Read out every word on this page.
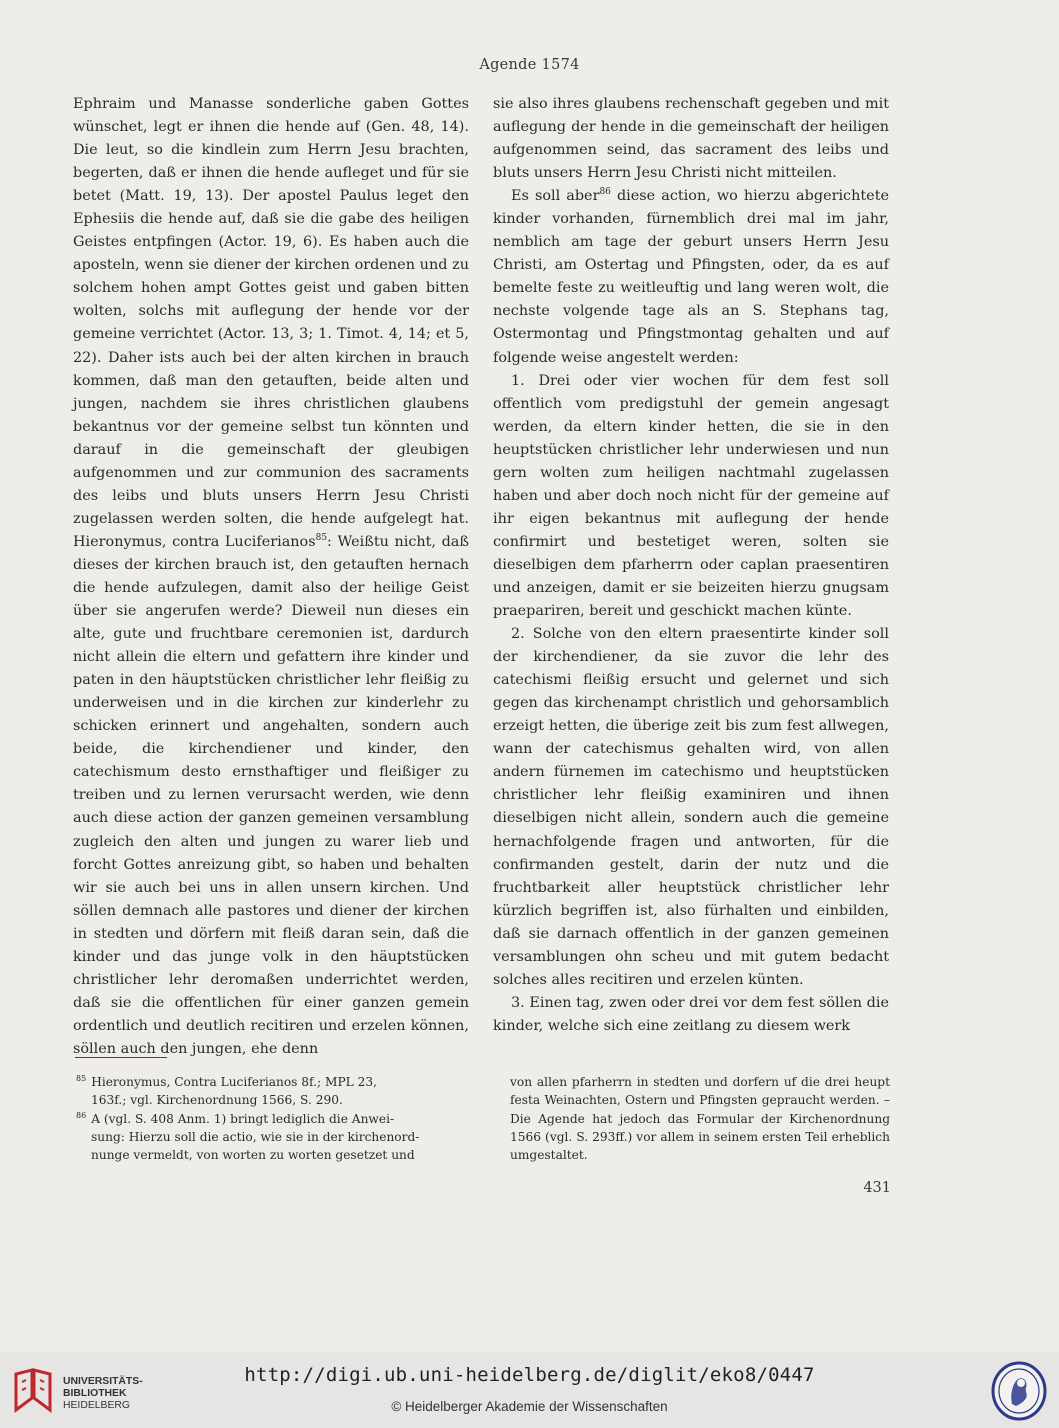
Agende 1574

Ephraim und Manasse sonderliche gaben Gottes wünschet, legt er ihnen die hende auf (Gen. 48, 14). Die leut, so die kindlein zum Herrn Jesu brachten, begerten, daß er ihnen die hende aufleget und für sie betet (Matt. 19, 13). Der apostel Paulus leget den Ephesiis die hende auf, daß sie die gabe des heiligen Geistes entpfingen (Actor. 19, 6). Es haben auch die aposteln, wenn sie diener der kirchen ordenen und zu solchem hohen ampt Gottes geist und gaben bitten wolten, solchs mit auflegung der hende vor der gemeine verrichtet (Actor. 13, 3; 1. Timot. 4, 14; et 5, 22). Daher ists auch bei der alten kirchen in brauch kommen, daß man den getauften, beide alten und jungen, nachdem sie ihres christlichen glaubens bekantnus vor der gemeine selbst tun könnten und darauf in die gemeinschaft der gleubigen aufgenommen und zur communion des sacraments des leibs und bluts unsers Herrn Jesu Christi zugelassen werden solten, die hende aufgelegt hat. Hieronymus, contra Luciferianos$^{85}$: Weißtu nicht, daß dieses der kirchen brauch ist, den getauften hernach die hende aufzulegen, damit also der heilige Geist über sie angerufen werde? Dieweil nun dieses ein alte, gute und fruchtbare ceremonien ist, dardurch nicht allein die eltern und gefattern ihre kinder und paten in den häuptstücken christlicher lehr fleißig zu underweisen und in die kirchen zur kinderlehr zu schicken erinnert und angehalten, sondern auch beide, die kirchendiener und kinder, den catechismum desto ernsthaftiger und fleißiger zu treiben und zu lernen verursacht werden, wie denn auch diese action der ganzen gemeinen versamblung zugleich den alten und jungen zu warer lieb und forcht Gottes anreizung gibt, so haben und behalten wir sie auch bei uns in allen unsern kirchen. Und söllen demnach alle pastores und diener der kirchen in stedten und dörfern mit fleiß daran sein, daß die kinder und das junge volk in den häuptstücken christlicher lehr deromaßen underrichtet werden, daß sie die offentlichen für einer ganzen gemein ordentlich und deutlich recitiren und erzelen können, söllen auch den jungen, ehe denn

sie also ihres glaubens rechenschaft gegeben und mit auflegung der hende in die gemeinschaft der heiligen aufgenommen seind, das sacrament des leibs und bluts unsers Herrn Jesu Christi nicht mitteilen.

Es soll aber$^{86}$ diese action, wo hierzu abgerichtete kinder vorhanden, fürnemblich drei mal im jahr, nemblich am tage der geburt unsers Herrn Jesu Christi, am Ostertag und Pfingsten, oder, da es auf bemelte feste zu weitleuftig und lang weren wolt, die nechste volgende tage als an S. Stephans tag, Ostermontag und Pfingstmontag gehalten und auf folgende weise angestelt werden:

1. Drei oder vier wochen für dem fest soll offentlich vom predigstuhl der gemein angesagt werden, da eltern kinder hetten, die sie in den heuptstücken christlicher lehr underwiesen und nun gern wolten zum heiligen nachtmahl zugelassen haben und aber doch noch nicht für der gemeine auf ihr eigen bekantnus mit auflegung der hende confirmirt und bestetiget weren, solten sie dieselbigen dem pfarherrn oder caplan praesentiren und anzeigen, damit er sie beizeiten hierzu gnugsam praepariren, bereit und geschickt machen künte.

2. Solche von den eltern praesentirte kinder soll der kirchendiener, da sie zuvor die lehr des catechismi fleißig ersucht und gelernet und sich gegen das kirchenampt christlich und gehorsamblich erzeigt hetten, die überige zeit bis zum fest allwegen, wann der catechismus gehalten wird, von allen andern fürnemen im catechismo und heuptstücken christlicher lehr fleißig examiniren und ihnen dieselbigen nicht allein, sondern auch die gemeine hernachfolgende fragen und antworten, für die confirmanden gestelt, darin der nutz und die fruchtbarkeit aller heuptstück christlicher lehr kürzlich begriffen ist, also fürhalten und einbilden, daß sie darnach offentlich in der ganzen gemeinen versamblungen ohn scheu und mit gutem bedacht solches alles recitiren und erzelen künten.

3. Einen tag, zwen oder drei vor dem fest söllen die kinder, welche sich eine zeitlang zu diesem werk

$^{85}$ Hieronymus, Contra Luciferianos 8f.; MPL 23,

163f.; vgl. Kirchenordnung 1566, S. 290.

$^{86}$ A (vgl. S. 408 Anm. 1) bringt lediglich die Anwei-

sung: Hierzu soll die actio, wie sie in der kirchenord-

nunge vermeldt, von worten zu worten gesetzet und

von allen pfarherrn in stedten und dorfern uf die drei heupt festa Weinachten, Ostern und Pfingsten gepraucht werden. – Die Agende hat jedoch das Formular der Kirchenordnung 1566 (vgl. S. 293ff.) vor allem in seinem ersten Teil erheblich umgestaltet.

431
UNIVERSITÄTS-
BIBLIOTHEK
HEIDELBERG
http://digi.ub.uni-heidelberg.de/diglit/eko8/0447
© Heidelberger Akademie der Wissenschaften
